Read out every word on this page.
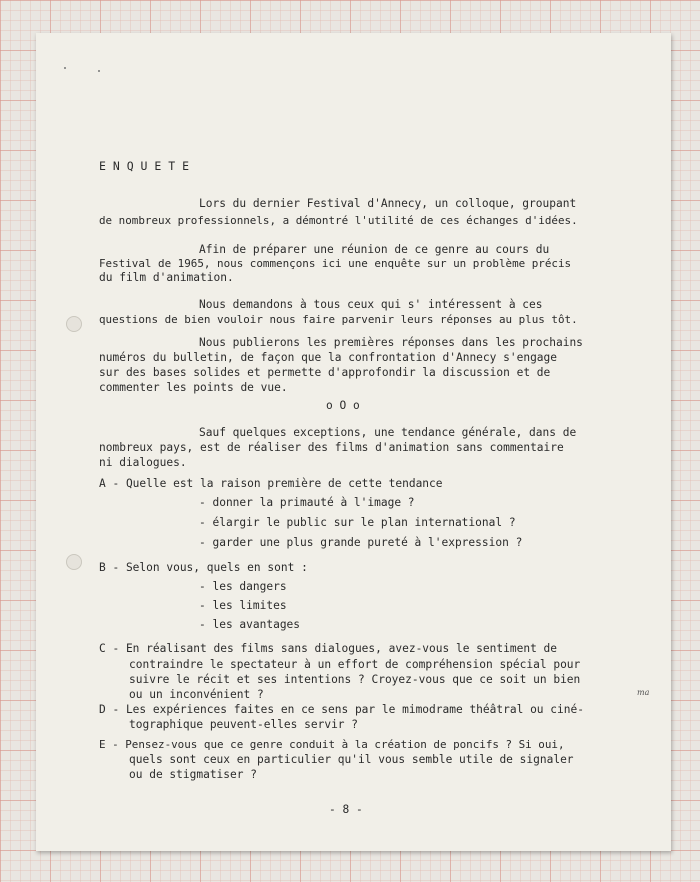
E N Q U E T E
Lors du dernier Festival d'Annecy, un colloque, groupant
de nombreux professionnels, a démontré l'utilité de ces échanges d'idées.
Afin de préparer une réunion de ce genre au cours du
Festival de 1965, nous commençons ici une enquête sur un problème précis
du film d'animation.
Nous demandons à tous ceux qui s' intéressent à ces
questions de bien vouloir nous faire parvenir leurs réponses au plus tôt.
Nous publierons les premières réponses dans les prochains
numéros du bulletin, de façon que la confrontation d'Annecy s'engage
sur des bases solides et permette d'approfondir la discussion et de
commenter les points de vue.
o O o
Sauf quelques exceptions, une tendance générale, dans de
nombreux pays, est de réaliser des films d'animation sans commentaire
ni dialogues.
A - Quelle est la raison première de cette tendance
- donner la primauté à l'image ?
- élargir le public sur le plan international ?
- garder une plus grande pureté à l'expression ?
B - Selon vous, quels en sont :
- les dangers
- les limites
- les avantages
C - En réalisant des films sans dialogues, avez-vous le sentiment de
contraindre le spectateur à un effort de compréhension spécial pour
suivre le récit et ses intentions ? Croyez-vous que ce soit un bien
ou un inconvénient ?	ma
D - Les expériences faites en ce sens par le mimodrame théâtral ou ciné-
tographique peuvent-elles servir ?
E - Pensez-vous que ce genre conduit à la création de poncifs ? Si oui,
quels sont ceux en particulier qu'il vous semble utile de signaler
ou de stigmatiser ?
- 8 -
